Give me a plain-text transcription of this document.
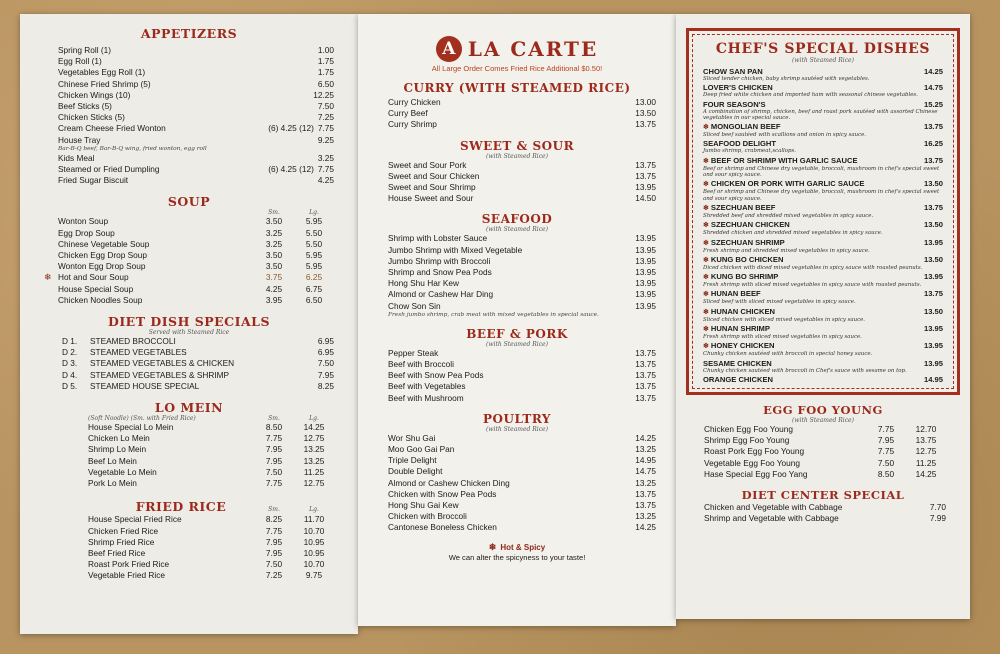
APPETIZERS
Spring Roll (1)	1.00
Egg Roll (1)	1.75
Vegetables Egg Roll (1)	1.75
Chinese Fried Shrimp (5)	6.50
Chicken Wings (10)	12.25
Beef Sticks (5)	7.50
Chicken Sticks (5)	7.25
Cream Cheese Fried Wonton	(6) 4.25 (12) 7.75
House Tray	9.25
Bar-B-Q beef, Bar-B-Q wing, fried wonton, egg roll
Kids Meal	3.25
Steamed or Fried Dumpling	(6) 4.25 (12) 7.75
Fried Sugar Biscuit	4.25
SOUP
Sm.	Lg.
Wonton Soup	3.50	5.95
Egg Drop Soup	3.25	5.50
Chinese Vegetable Soup	3.25	5.50
Chicken Egg Drop Soup	3.50	5.95
Wonton Egg Drop Soup	3.50	5.95
❄ Hot and Sour Soup	3.75	6.25
House Special Soup	4.25	6.75
Chicken Noodles Soup	3.95	6.50
DIET DISH SPECIALS
Served with Steamed Rice
D 1.	STEAMED BROCCOLI	6.95
D 2.	STEAMED VEGETABLES	6.95
D 3.	STEAMED VEGETABLES & CHICKEN	7.50
D 4.	STEAMED VEGETABLES & SHRIMP	7.95
D 5.	STEAMED HOUSE SPECIAL	8.25
LO MEIN
(Soft Noodle) (Sm. with Fried Rice)	Sm.	Lg.
House Special Lo Mein	8.50	14.25
Chicken Lo Mein	7.75	12.75
Shrimp Lo Mein	7.95	13.25
Beef Lo Mein	7.95	13.25
Vegetable Lo Mein	7.50	11.25
Pork Lo Mein	7.75	12.75
FRIED RICE	Sm.	Lg.
House Special Fried Rice	8.25	11.70
Chicken Fried Rice	7.75	10.70
Shrimp Fried Rice	7.95	10.95
Beef Fried Rice	7.95	10.95
Roast Pork Fried Rice	7.50	10.70
Vegetable Fried Rice	7.25	9.75
A LA CARTE
All Large Order Comes Fried Rice Additional $0.50!
CURRY (WITH STEAMED RICE)
Curry Chicken	13.00
Curry Beef	13.50
Curry Shrimp	13.75
SWEET & SOUR
(with Steamed Rice)
Sweet and Sour Pork	13.75
Sweet and Sour Chicken	13.75
Sweet and Sour Shrimp	13.95
House Sweet and Sour	14.50
SEAFOOD
(with Steamed Rice)
Shrimp with Lobster Sauce	13.95
Jumbo Shrimp with Mixed Vegetable	13.95
Jumbo Shrimp with Broccoli	13.95
Shrimp and Snow Pea Pods	13.95
Hong Shu Har Kew	13.95
Almond or Cashew Har Ding	13.95
Chow Son Sin	13.95
Fresh jumbo shrimp, crab meat with mixed vegetables in special sauce.
BEEF & PORK
(with Steamed Rice)
Pepper Steak	13.75
Beef with Broccoli	13.75
Beef with Snow Pea Pods	13.75
Beef with Vegetables	13.75
Beef with Mushroom	13.75
POULTRY
(with Steamed Rice)
Wor Shu Gai	14.25
Moo Goo Gai Pan	13.25
Triple Delight	14.95
Double Delight	14.75
Almond or Cashew Chicken Ding	13.25
Chicken with Snow Pea Pods	13.75
Hong Shu Gai Kew	13.75
Chicken with Broccoli	13.25
Cantonese Boneless Chicken	14.25
❄ Hot & Spicy
We can alter the spicyness to your taste!
CHEF'S SPECIAL DISHES
(with Steamed Rice)
CHOW SAN PAN	14.25
Sliced tender chicken, baby shrimp sautéed with vegetables.
LOVER'S CHICKEN	14.75
Deep fried white chicken and imported ham with seasonal chinese vegetables.
FOUR SEASON'S	15.25
A combination of shrimp, chicken, beef and roast pork sautéed with assorted Chinese vegetables in our special sauce.
❄ MONGOLIAN BEEF	13.75
Sliced beef sautéed with scallions and onion in spicy sauce.
SEAFOOD DELIGHT	16.25
Jumbo shrimp, crabmeat,scallops.
❄ BEEF OR SHRIMP WITH GARLIC SAUCE	13.75
Beef or shrimp and Chinese dry vegetable, broccoli, mushroom in chef's special sweet and sour spicy sauce.
❄ CHICKEN OR PORK WITH GARLIC SAUCE	13.50
Beef or shrimp and Chinese dry vegetable, broccoli, mushroom in chef's special sweet and sour spicy sauce.
❄ SZECHUAN BEEF	13.75
Shredded beef and shredded mixed vegetables in spicy sauce.
❄ SZECHUAN CHICKEN	13.50
Shredded chicken and shredded mixed vegetables in spicy sauce.
❄ SZECHUAN SHRIMP	13.95
Fresh shrimp and shredded mixed vegetables in spicy sauce.
❄ KUNG BO CHICKEN	13.50
Diced chicken with diced mixed vegetables in spicy sauce with roasted peanuts.
❄ KUNG BO SHRIMP	13.95
Fresh shrimp with sliced mixed vegetables in spicy sauce with roasted peanuts.
❄ HUNAN BEEF	13.75
Sliced beef with sliced mixed vegetables in spicy sauce.
❄ HUNAN CHICKEN	13.50
Sliced chicken with sliced mixed vegetables in spicy sauce.
❄ HUNAN SHRIMP	13.95
Fresh shrimp with sliced mixed vegetables in spicy sauce.
❄ HONEY CHICKEN	13.95
Chunky chicken sautéed with broccoli in special honey sauce.
SESAME CHICKEN	13.95
Chunky chicken sautéed with broccoli in Chef's sauce with sesame on top.
ORANGE CHICKEN	14.95
EGG FOO YOUNG
(with Steamed Rice)
Chicken Egg Foo Young	7.75	12.70
Shrimp Egg Foo Young	7.95	13.75
Roast Pork Egg Foo Young	7.75	12.75
Vegetable Egg Foo Young	7.50	11.25
Hase Special Egg Foo Yang	8.50	14.25
DIET CENTER SPECIAL
Chicken and Vegetable with Cabbage	7.70
Shrimp and Vegetable with Cabbage	7.99
